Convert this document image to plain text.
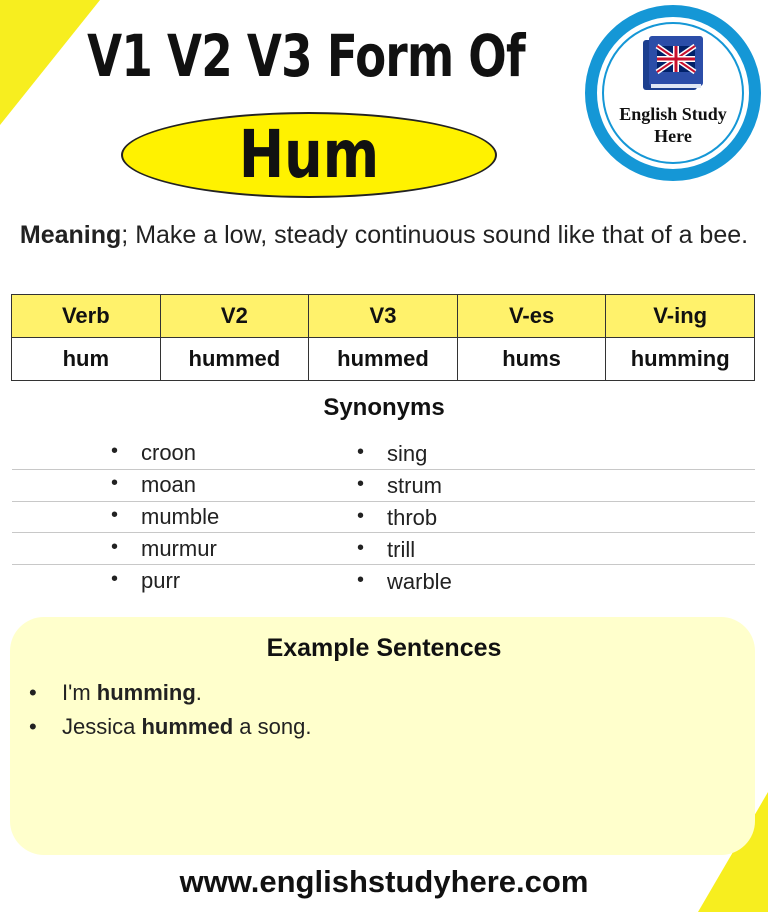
V1 V2 V3 Form Of
Hum
English Study
Here
Meaning; Make a low, steady continuous sound like that of a bee.
Verb	V2	V3	V-es	V-ing
hum	hummed	hummed	hums	humming
Synonyms
• croon
• moan
• mumble
• murmur
• purr
• sing
• strum
• throb
• trill
• warble
Example Sentences
• I'm humming.
• Jessica hummed a song.
www.englishstudyhere.com
